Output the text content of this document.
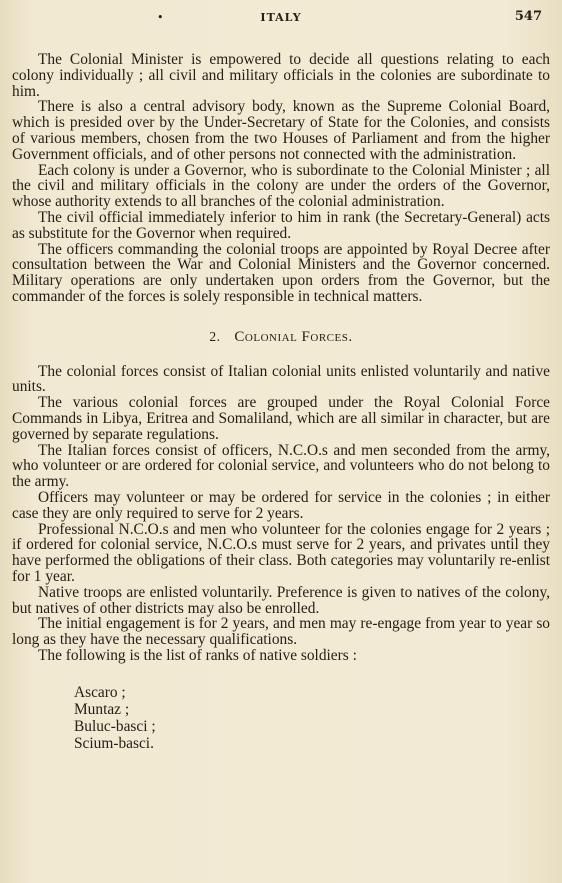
•	ITALY	547

The Colonial Minister is empowered to decide all questions relating to each colony individually ; all civil and military officials in the colonies are subordinate to him.

There is also a central advisory body, known as the Supreme Colonial Board, which is presided over by the Under-Secretary of State for the Colonies, and consists of various members, chosen from the two Houses of Parliament and from the higher Government officials, and of other persons not connected with the administration.

Each colony is under a Governor, who is subordinate to the Colonial Minister ; all the civil and military officials in the colony are under the orders of the Governor, whose authority extends to all branches of the colonial administration.

The civil official immediately inferior to him in rank (the Secretary-General) acts as substitute for the Governor when required.

The officers commanding the colonial troops are appointed by Royal Decree after consultation between the War and Colonial Ministers and the Governor concerned. Military operations are only undertaken upon orders from the Governor, but the commander of the forces is solely responsible in technical matters.

2. Colonial Forces.

The colonial forces consist of Italian colonial units enlisted voluntarily and native units.

The various colonial forces are grouped under the Royal Colonial Force Commands in Libya, Eritrea and Somaliland, which are all similar in character, but are governed by separate regulations.

The Italian forces consist of officers, N.C.O.s and men seconded from the army, who volunteer or are ordered for colonial service, and volunteers who do not belong to the army.

Officers may volunteer or may be ordered for service in the colonies ; in either case they are only required to serve for 2 years.

Professional N.C.O.s and men who volunteer for the colonies engage for 2 years ; if ordered for colonial service, N.C.O.s must serve for 2 years, and privates until they have performed the obligations of their class. Both categories may voluntarily re-enlist for 1 year.

Native troops are enlisted voluntarily. Preference is given to natives of the colony, but natives of other districts may also be enrolled.

The initial engagement is for 2 years, and men may re-engage from year to year so long as they have the necessary qualifications.

The following is the list of ranks of native soldiers :

Ascaro ;
Muntaz ;
Buluc-basci ;
Scium-basci.
